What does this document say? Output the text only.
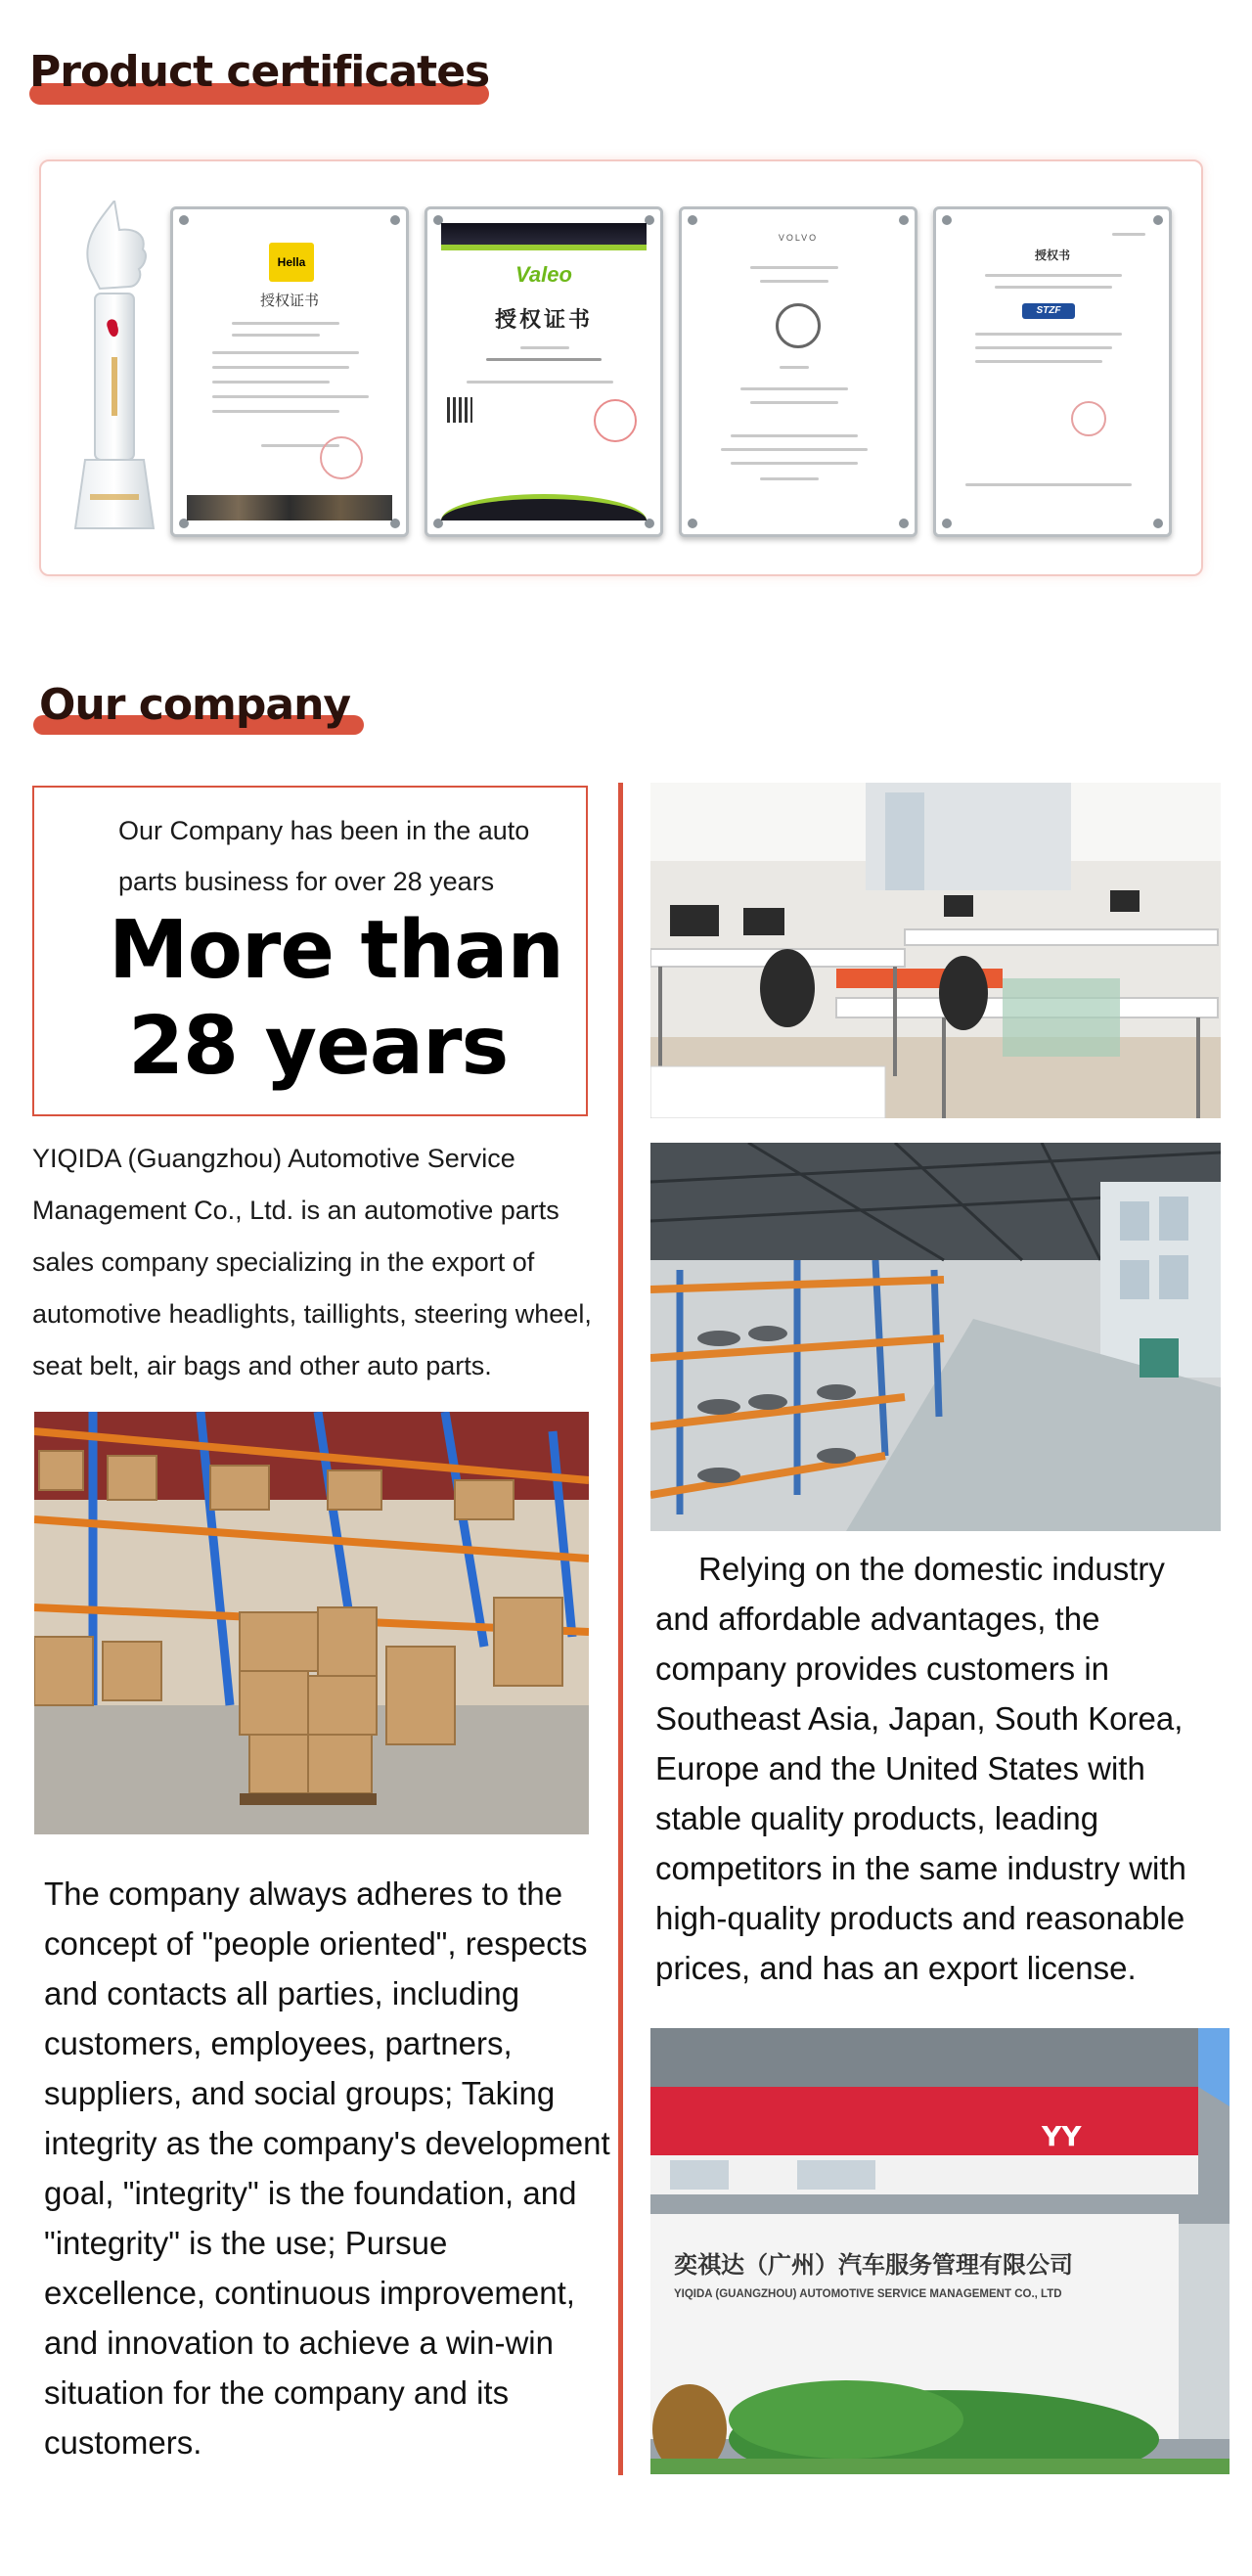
Product certificates
Hella
授权证书
Valeo
授权证书
VOLVO
授权书
STZF
Our company

Our Company has been in the auto parts business for over 28 years

More than
28 years

YIQIDA (Guangzhou) Automotive Service Management Co., Ltd. is an automotive parts sales company specializing in the export of automotive headlights, taillights, steering wheel, seat belt, air bags and other auto parts.

The company always adheres to the concept of "people oriented", respects and contacts all parties, including customers, employees, partners, suppliers, and social groups; Taking integrity as the company's development goal, "integrity" is the foundation, and "integrity" is the use; Pursue excellence, continuous improvement, and innovation to achieve a win-win situation for the company and its customers.

Relying on the domestic industry and affordable advantages, the company provides customers in Southeast Asia, Japan, South Korea, Europe and the United States with stable quality products, leading competitors in the same industry with high-quality products and reasonable prices, and has an export license.

YY
奕祺达（广州）汽车服务管理有限公司
YIQIDA (GUANGZHOU) AUTOMOTIVE SERVICE MANAGEMENT CO., LTD
